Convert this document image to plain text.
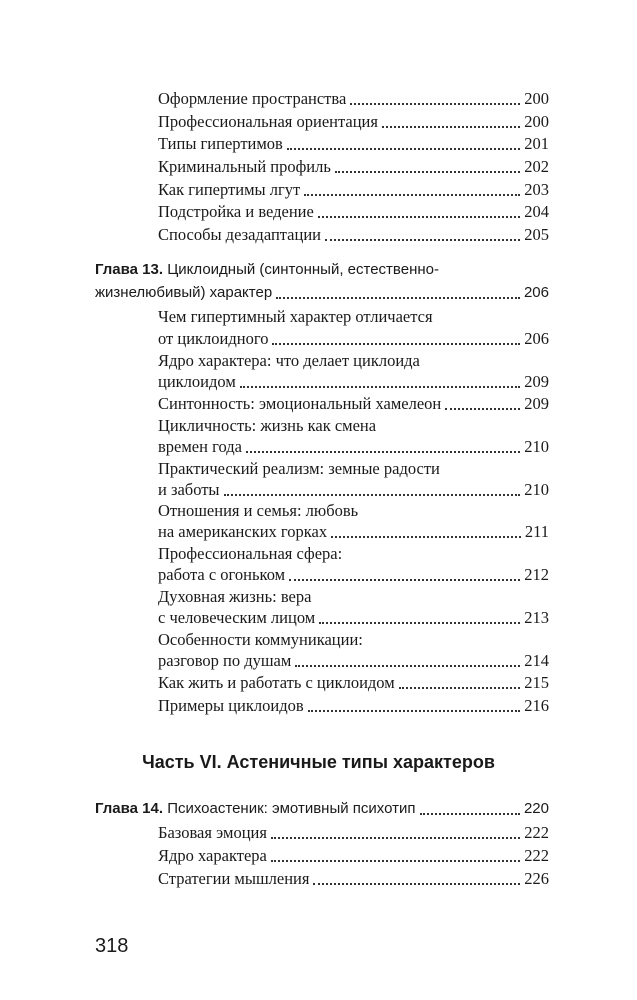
Оформление пространства	200
Профессиональная ориентация	200
Типы гипертимов	201
Криминальный профиль	202
Как гипертимы лгут	203
Подстройка и ведение	204
Способы дезадаптации	205
Глава 13. Циклоидный (синтонный, естественно-
жизнелюбивый) характер	206
Чем гипертимный характер отличается
от циклоидного	206
Ядро характера: что делает циклоида
циклоидом	209
Синтонность: эмоциональный хамелеон	209
Цикличность: жизнь как смена
времен года	210
Практический реализм: земные радости
и заботы	210
Отношения и семья: любовь
на американских горках	211
Профессиональная сфера:
работа с огоньком	212
Духовная жизнь: вера
с человеческим лицом	213
Особенности коммуникации:
разговор по душам	214
Как жить и работать с циклоидом	215
Примеры циклоидов	216
Часть VI. Астеничные типы характеров
Глава 14. Психоастеник: эмотивный психотип	220
Базовая эмоция	222
Ядро характера	222
Стратегии мышления	226
318
